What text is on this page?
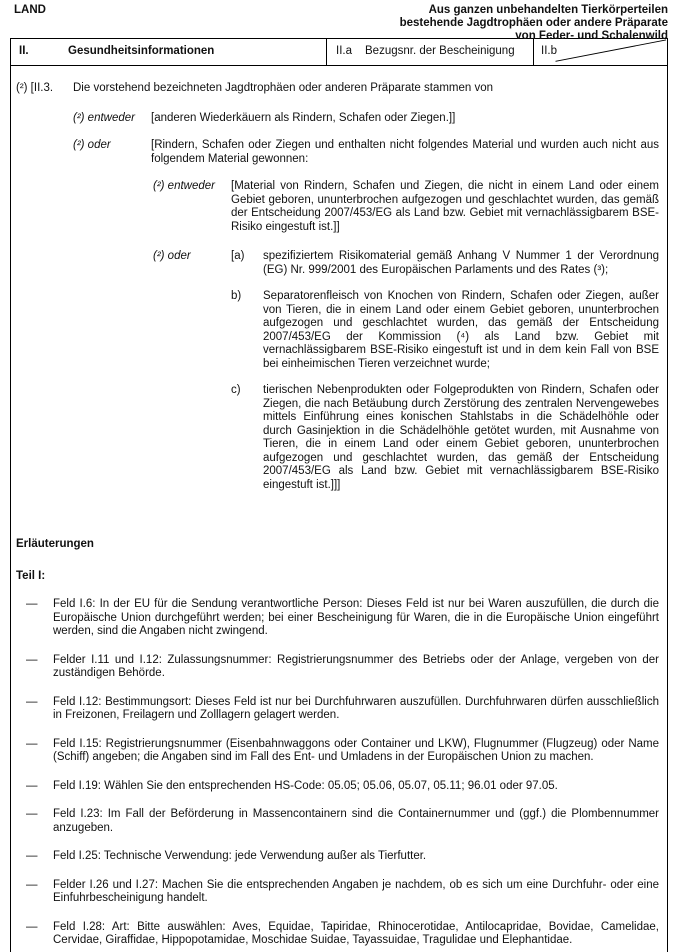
LAND	Aus ganzen unbehandelten Tierkörperteilen
bestehende Jagdtrophäen oder andere Präparate
von Feder- und Schalenwild
II.	Gesundheitsinformationen	II.a	Bezugsnr. der Bescheinigung	II.b
(²) [II.3.	Die vorstehend bezeichneten Jagdtrophäen oder anderen Präparate stammen von
(²) entweder	[anderen Wiederkäuern als Rindern, Schafen oder Ziegen.]]
(²) oder	[Rindern, Schafen oder Ziegen und enthalten nicht folgendes Material und wurden auch nicht aus folgendem Material gewonnen:
(²) entweder	[Material von Rindern, Schafen und Ziegen, die nicht in einem Land oder einem Gebiet geboren, ununterbrochen aufgezogen und geschlachtet wurden, das gemäß der Entscheidung 2007/453/EG als Land bzw. Gebiet mit vernachlässigbarem BSE-Risiko eingestuft ist.]]
(²) oder	[a)	spezifiziertem Risikomaterial gemäß Anhang V Nummer 1 der Verordnung (EG) Nr. 999/2001 des Europäischen Parlaments und des Rates (³);
b)	Separatorenfleisch von Knochen von Rindern, Schafen oder Ziegen, außer von Tieren, die in einem Land oder einem Gebiet geboren, ununterbrochen aufgezogen und geschlachtet wurden, das gemäß der Entscheidung 2007/453/EG der Kommission (⁴) als Land bzw. Gebiet mit vernachlässigbarem BSE-Risiko eingestuft ist und in dem kein Fall von BSE bei einheimischen Tieren verzeichnet wurde;
c)	tierischen Nebenprodukten oder Folgeprodukten von Rindern, Schafen oder Ziegen, die nach Betäubung durch Zerstörung des zentralen Nervengewebes mittels Einführung eines konischen Stahlstabs in die Schädelhöhle oder durch Gasinjektion in die Schädelhöhle getötet wurden, mit Ausnahme von Tieren, die in einem Land oder einem Gebiet geboren, ununterbrochen aufgezogen und geschlachtet wurden, das gemäß der Entscheidung 2007/453/EG als Land bzw. Gebiet mit vernachlässigbarem BSE-Risiko eingestuft ist.]]]
Erläuterungen
Teil I:
—	Feld I.6: In der EU für die Sendung verantwortliche Person: Dieses Feld ist nur bei Waren auszufüllen, die durch die Europäische Union durchgeführt werden; bei einer Bescheinigung für Waren, die in die Europäische Union eingeführt werden, sind die Angaben nicht zwingend.
—	Felder I.11 und I.12: Zulassungsnummer: Registrierungsnummer des Betriebs oder der Anlage, vergeben von der zuständigen Behörde.
—	Feld I.12: Bestimmungsort: Dieses Feld ist nur bei Durchfuhrwaren auszufüllen. Durchfuhrwaren dürfen ausschließlich in Freizonen, Freilagern und Zolllagern gelagert werden.
—	Feld I.15: Registrierungsnummer (Eisenbahnwaggons oder Container und LKW), Flugnummer (Flugzeug) oder Name (Schiff) angeben; die Angaben sind im Fall des Ent- und Umladens in der Europäischen Union zu machen.
—	Feld I.19: Wählen Sie den entsprechenden HS-Code: 05.05; 05.06, 05.07, 05.11; 96.01 oder 97.05.
—	Feld I.23: Im Fall der Beförderung in Massencontainern sind die Containernummer und (ggf.) die Plombennummer anzugeben.
—	Feld I.25: Technische Verwendung: jede Verwendung außer als Tierfutter.
—	Felder I.26 und I.27: Machen Sie die entsprechenden Angaben je nachdem, ob es sich um eine Durchfuhr- oder eine Einfuhrbescheinigung handelt.
—	Feld I.28: Art: Bitte auswählen: Aves, Equidae, Tapiridae, Rhinocerotidae, Antilocapridae, Bovidae, Camelidae, Cervidae, Giraffidae, Hippopotamidae, Moschidae Suidae, Tayassuidae, Tragulidae und Elephantidae.
